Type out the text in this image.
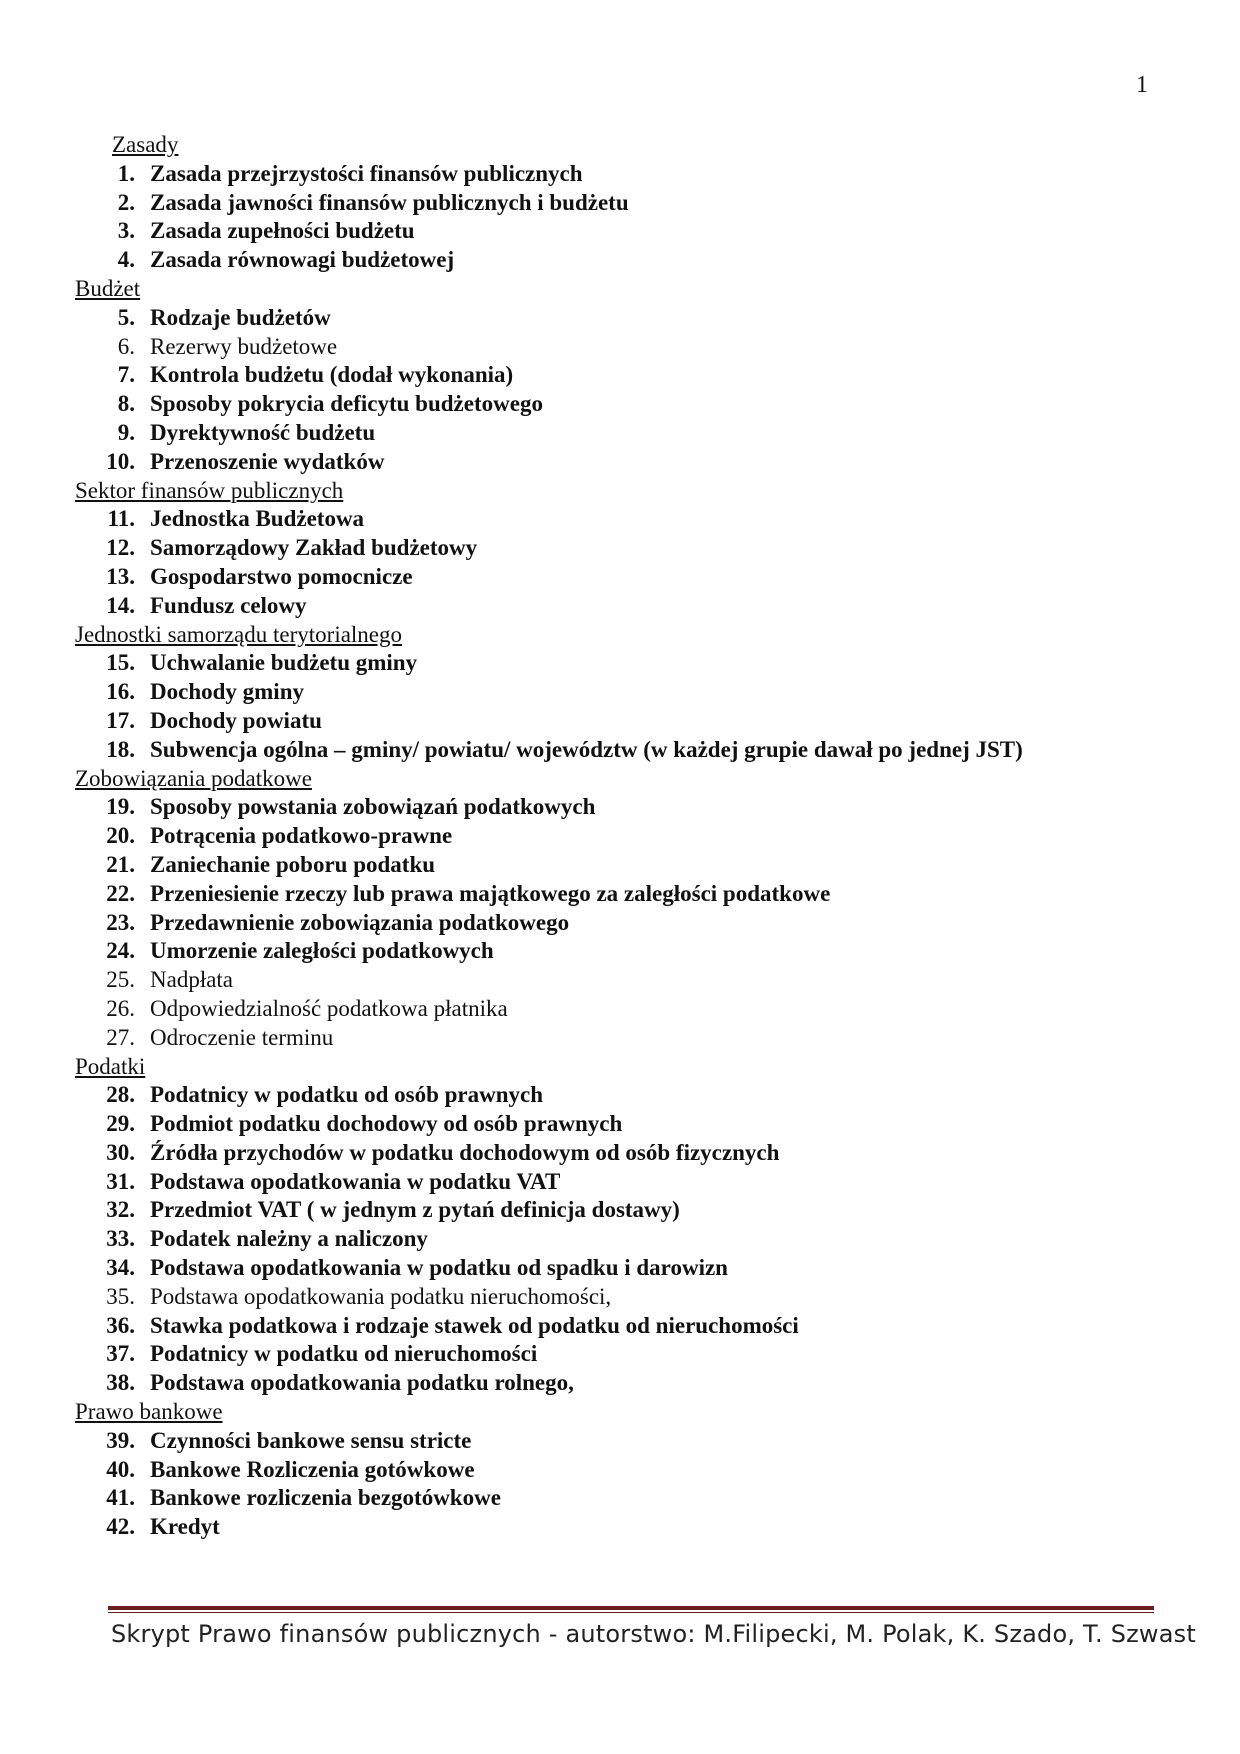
1
Zasady
1. Zasada przejrzystości finansów publicznych
2. Zasada jawności finansów publicznych i budżetu
3. Zasada zupełności budżetu
4. Zasada równowagi budżetowej
Budżet
5. Rodzaje budżetów
6. Rezerwy budżetowe
7. Kontrola budżetu (dodał wykonania)
8. Sposoby pokrycia deficytu budżetowego
9. Dyrektywność budżetu
10. Przenoszenie wydatków
Sektor finansów publicznych
11. Jednostka Budżetowa
12. Samorządowy Zakład budżetowy
13. Gospodarstwo pomocnicze
14. Fundusz celowy
Jednostki samorządu terytorialnego
15. Uchwalanie budżetu gminy
16. Dochody gminy
17. Dochody powiatu
18. Subwencja ogólna – gminy/ powiatu/ województw (w każdej grupie dawał po jednej JST)
Zobowiązania podatkowe
19. Sposoby powstania zobowiązań podatkowych
20. Potrącenia podatkowo-prawne
21. Zaniechanie poboru podatku
22. Przeniesienie rzeczy lub prawa majątkowego za zaległości podatkowe
23. Przedawnienie zobowiązania podatkowego
24. Umorzenie zaległości podatkowych
25. Nadpłata
26. Odpowiedzialność podatkowa płatnika
27. Odroczenie terminu
Podatki
28. Podatnicy w podatku od osób prawnych
29. Podmiot podatku dochodowy od osób prawnych
30. Źródła przychodów w podatku dochodowym od osób fizycznych
31. Podstawa opodatkowania w podatku VAT
32. Przedmiot VAT ( w jednym z pytań definicja dostawy)
33. Podatek należny a naliczony
34. Podstawa opodatkowania w podatku od spadku i darowizn
35. Podstawa opodatkowania podatku nieruchomości,
36. Stawka podatkowa i rodzaje stawek od podatku od nieruchomości
37. Podatnicy w podatku od nieruchomości
38. Podstawa opodatkowania podatku rolnego,
Prawo bankowe
39. Czynności bankowe sensu stricte
40. Bankowe Rozliczenia gotówkowe
41. Bankowe rozliczenia bezgotówkowe
42. Kredyt
Skrypt Prawo finansów publicznych - autorstwo: M.Filipecki, M. Polak, K. Szado, T. Szwast
